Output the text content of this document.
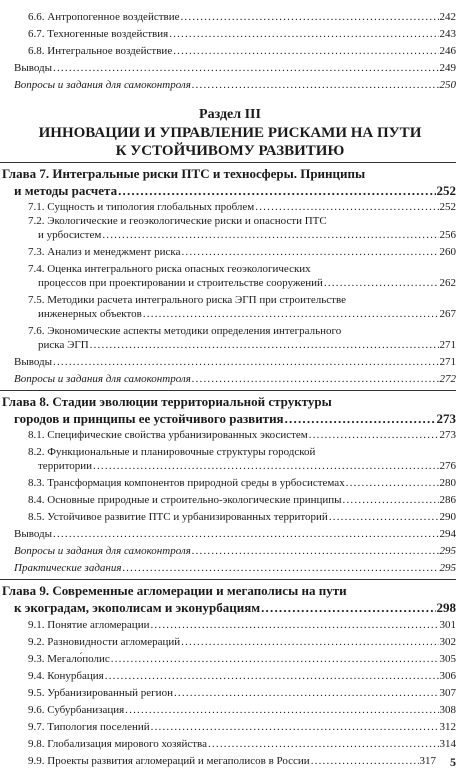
6.6. Антропогенное воздействие .....	242
6.7. Техногенные воздействия .....	243
6.8. Интегральное воздействие .....	246
Выводы .....	249
Вопросы и задания для самоконтроля .....	250
Раздел III
ИННОВАЦИИ И УПРАВЛЕНИЕ РИСКАМИ НА ПУТИ
К УСТОЙЧИВОМУ РАЗВИТИЮ
Глава 7. Интегральные риски ПТС и техносферы. Принципы
и методы расчета .....	252
7.1. Сущность и типология глобальных проблем .....	252
7.2. Экологические и геоэкологические риски и опасности ПТС
и урбосистем .....	256
7.3. Анализ и менеджмент риска .....	260
7.4. Оценка интегрального риска опасных геоэкологических
процессов при проектировании и строительстве сооружений .....	262
7.5. Методики расчета интегрального риска ЭГП при строительстве
инженерных объектов .....	267
7.6. Экономические аспекты методики определения интегрального
риска ЭГП .....	271
Выводы .....	271
Вопросы и задания для самоконтроля .....	272
Глава 8. Стадии эволюции территориальной структуры
городов и принципы ее устойчивого развития .....	273
8.1. Специфические свойства урбанизированных экосистем .....	273
8.2. Функциональные и планировочные структуры городской
территории .....	276
8.3. Трансформация компонентов природной среды в урбосистемах .....	280
8.4. Основные природные и строительно-экологические принципы .....	286
8.5. Устойчивое развитие ПТС и урбанизированных территорий .....	290
Выводы .....	294
Вопросы и задания для самоконтроля .....	295
Практические задания .....	295
Глава 9. Современные агломерации и мегаполисы на пути
к экоградам, экополисам и эконурбациям .....	298
9.1. Понятие агломерации .....	301
9.2. Разновидности агломераций .....	302
9.3. Мегало́полис .....	305
9.4. Конурбация .....	306
9.5. Урбанизированный регион .....	307
9.6. Субурбанизация .....	308
9.7. Типология поселений .....	312
9.8. Глобализация мирового хозяйства .....	314
9.9. Проекты развития агломераций и мегаполисов в России .....	317	5
